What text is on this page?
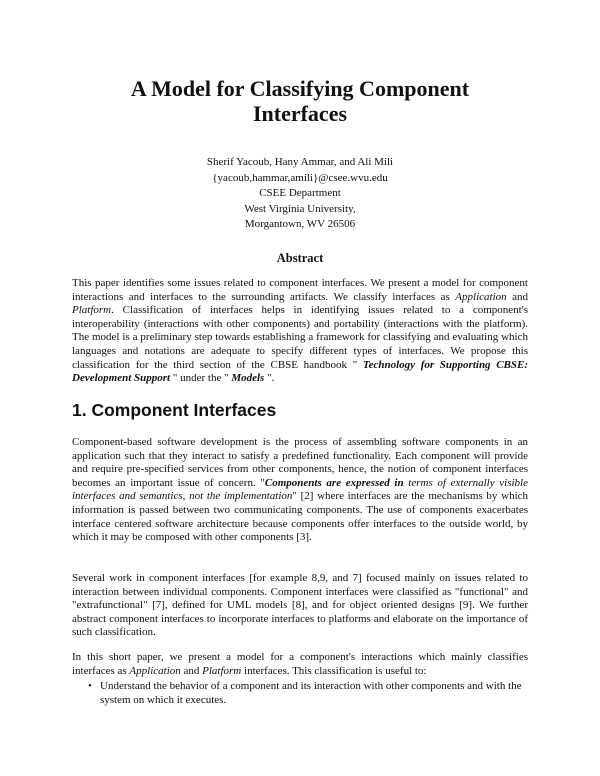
A Model for Classifying Component
Interfaces
Sherif Yacoub, Hany Ammar, and Ali Mili
{yacoub,hammar,amili}@csee.wvu.edu
CSEE Department
West Virginia University,
Morgantown, WV 26506
Abstract
This paper identifies some issues related to component interfaces. We present a model for component interactions and interfaces to the surrounding artifacts. We classify interfaces as Application and Platform. Classification of interfaces helps in identifying issues related to a component's interoperability (interactions with other components) and portability (interactions with the platform). The model is a preliminary step towards establishing a framework for classifying and evaluating which languages and notations are adequate to specify different types of interfaces. We propose this classification for the third section of the CBSE handbook " Technology for Supporting CBSE: Development Support " under the " Models ".
1. Component Interfaces
Component-based software development is the process of assembling software components in an application such that they interact to satisfy a predefined functionality. Each component will provide and require pre-specified services from other components, hence, the notion of component interfaces becomes an important issue of concern. "Components are expressed in terms of externally visible interfaces and semantics, not the implementation" [2] where interfaces are the mechanisms by which information is passed between two communicating components. The use of components exacerbates interface centered software architecture because components offer interfaces to the outside world, by which it may be composed with other components [3].
Several work in component interfaces [for example 8,9, and 7] focused mainly on issues related to interaction between individual components. Component interfaces were classified as "functional" and "extrafunctional" [7], defined for UML models [8], and for object oriented designs [9]. We further abstract component interfaces to incorporate interfaces to platforms and elaborate on the importance of such classification.
In this short paper, we present a model for a component's interactions which mainly classifies interfaces as Application and Platform interfaces. This classification is useful to:
• Understand the behavior of a component and its interaction with other components and with the system on which it executes.
